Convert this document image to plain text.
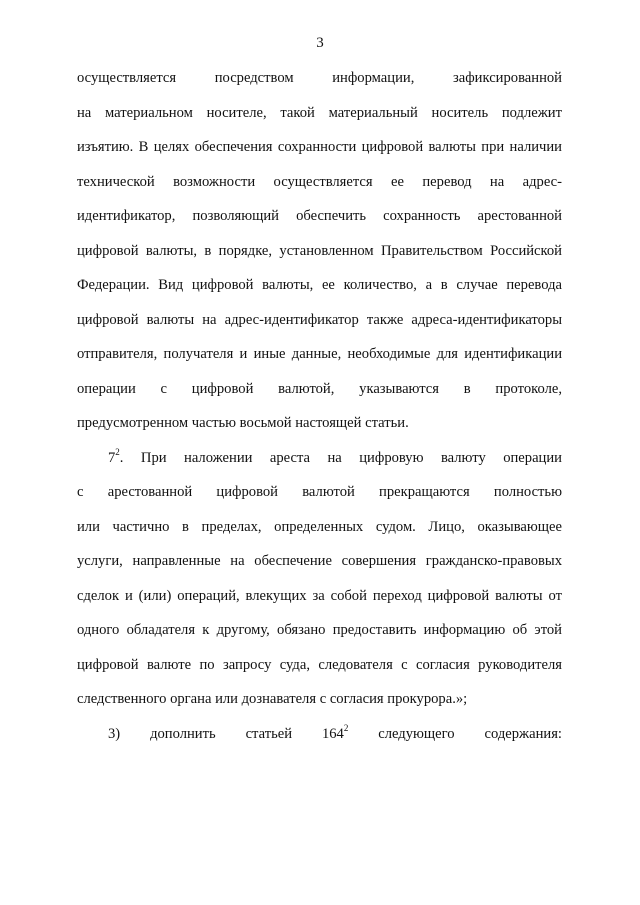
3
осуществляется посредством информации, зафиксированной
на материальном носителе, такой материальный носитель подлежит
изъятию. В целях обеспечения сохранности цифровой валюты при наличии
технической возможности осуществляется ее перевод на адрес-
идентификатор, позволяющий обеспечить сохранность арестованной
цифровой валюты, в порядке, установленном Правительством Российской
Федерации. Вид цифровой валюты, ее количество, а в случае перевода
цифровой валюты на адрес-идентификатор также адреса-идентификаторы
отправителя, получателя и иные данные, необходимые для идентификации
операции с цифровой валютой, указываются в протоколе,
предусмотренном частью восьмой настоящей статьи.
$7^2$. При наложении ареста на цифровую валюту операции
с арестованной цифровой валютой прекращаются полностью
или частично в пределах, определенных судом. Лицо, оказывающее
услуги, направленные на обеспечение совершения гражданско-правовых
сделок и (или) операций, влекущих за собой переход цифровой валюты от
одного обладателя к другому, обязано предоставить информацию об этой
цифровой валюте по запросу суда, следователя с согласия руководителя
следственного органа или дознавателя с согласия прокурора.»;
3) дополнить статьей $164^2$ следующего содержания:
